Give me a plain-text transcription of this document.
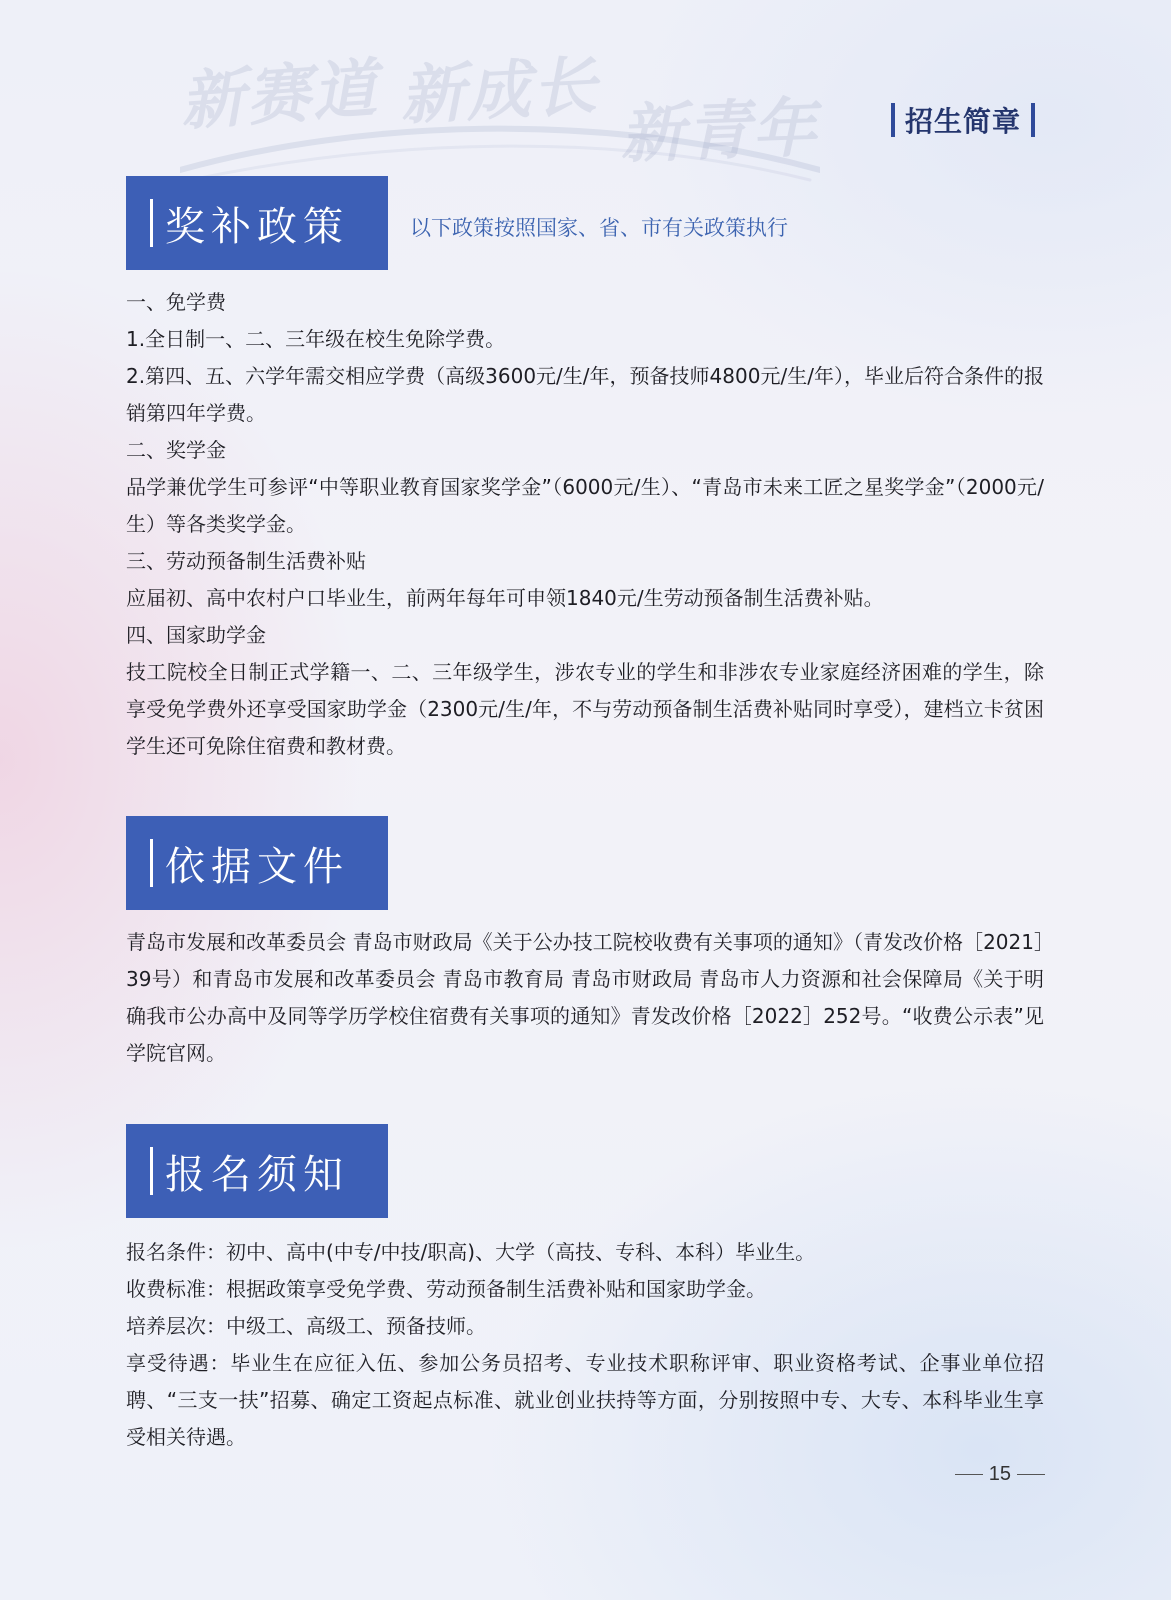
新赛道 新成长 新青年	招生简章
奖补政策	以下政策按照国家、省、市有关政策执行

一、免学费

1.全日制一、二、三年级在校生免除学费。

2.第四、五、六学年需交相应学费（高级3600元/生/年，预备技师4800元/生/年），毕业后符合条件的报销第四年学费。

二、奖学金

品学兼优学生可参评“中等职业教育国家奖学金”（6000元/生）、“青岛市未来工匠之星奖学金”（2000元/生）等各类奖学金。

三、劳动预备制生活费补贴

应届初、高中农村户口毕业生，前两年每年可申领1840元/生劳动预备制生活费补贴。

四、国家助学金

技工院校全日制正式学籍一、二、三年级学生，涉农专业的学生和非涉农专业家庭经济困难的学生，除享受免学费外还享受国家助学金（2300元/生/年，不与劳动预备制生活费补贴同时享受），建档立卡贫困学生还可免除住宿费和教材费。

依据文件

青岛市发展和改革委员会 青岛市财政局《关于公办技工院校收费有关事项的通知》（青发改价格［2021］39号）和青岛市发展和改革委员会 青岛市教育局 青岛市财政局 青岛市人力资源和社会保障局《关于明确我市公办高中及同等学历学校住宿费有关事项的通知》青发改价格［2022］252号。“收费公示表”见学院官网。

报名须知

报名条件：初中、高中(中专/中技/职高)、大学（高技、专科、本科）毕业生。

收费标准：根据政策享受免学费、劳动预备制生活费补贴和国家助学金。

培养层次：中级工、高级工、预备技师。

享受待遇：毕业生在应征入伍、参加公务员招考、专业技术职称评审、职业资格考试、企事业单位招聘、“三支一扶”招募、确定工资起点标准、就业创业扶持等方面，分别按照中专、大专、本科毕业生享受相关待遇。

15
